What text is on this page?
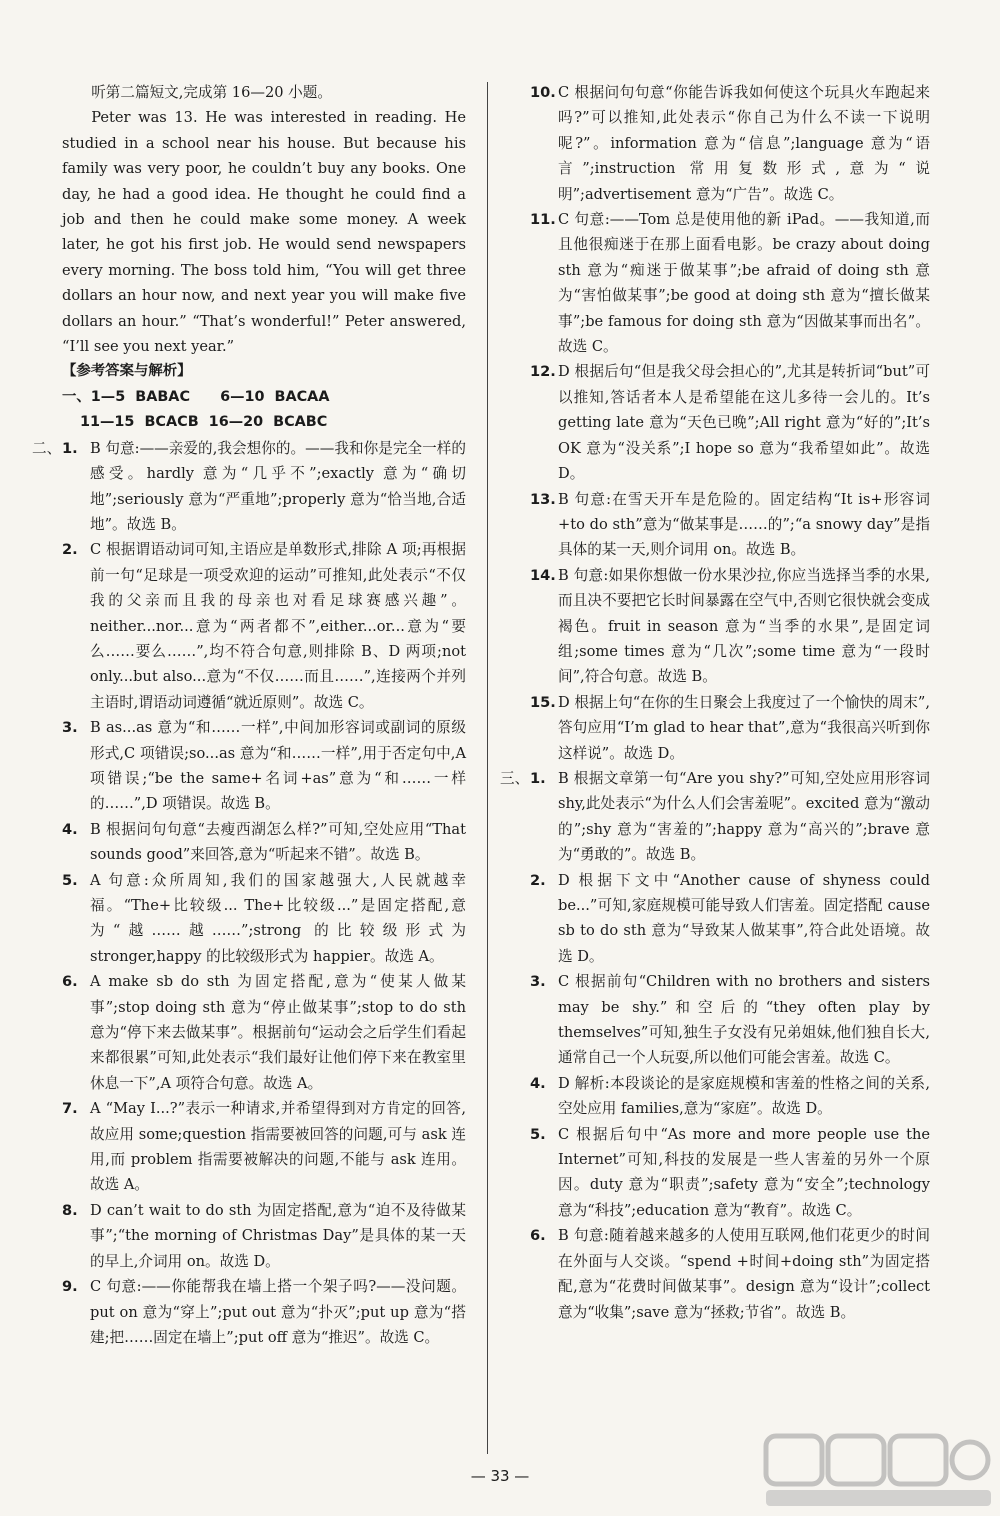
听第二篇短文,完成第 16—20 小题。

Peter was 13. He was interested in reading. He studied in a school near his house. But because his family was very poor, he couldn’t buy any books. One day, he had a good idea. He thought he could find a job and then he could make some money. A week later, he got his first job. He would send newspapers every morning. The boss told him, “You will get three dollars an hour now, and next year you will make five dollars an hour.” “That’s wonderful!” Peter answered, “I’ll see you next year.”

【参考答案与解析】

一、1—5  BABAC      6—10  BACAA

11—15  BCACB  16—20  BCABC

二、 1. B 句意:——亲爱的,我会想你的。——我和你是完全一样的感受。hardly 意为“几乎不”;exactly 意为“确切地”;seriously 意为“严重地”;properly 意为“恰当地,合适地”。故选 B。

2. C 根据谓语动词可知,主语应是单数形式,排除 A 项;再根据前一句“足球是一项受欢迎的运动”可推知,此处表示“不仅我的父亲而且我的母亲也对看足球赛感兴趣”。neither...nor...意为“两者都不”,either...or...意为“要么……要么……”,均不符合句意,则排除 B、D 两项;not only...but also...意为“不仅……而且……”,连接两个并列主语时,谓语动词遵循“就近原则”。故选 C。

3. B as...as 意为“和……一样”,中间加形容词或副词的原级形式,C 项错误;so...as 意为“和……一样”,用于否定句中,A 项错误;“be the same+名词+as”意为“和……一样的……”,D 项错误。故选 B。

4. B 根据问句句意“去瘦西湖怎么样?”可知,空处应用“That sounds good”来回答,意为“听起来不错”。故选 B。

5. A 句意:众所周知,我们的国家越强大,人民就越幸福。“The+比较级... The+比较级...”是固定搭配,意为“越……越……”;strong 的比较级形式为 stronger,happy 的比较级形式为 happier。故选 A。

6. A make sb do sth 为固定搭配,意为“使某人做某事”;stop doing sth 意为“停止做某事”;stop to do sth 意为“停下来去做某事”。根据前句“运动会之后学生们看起来都很累”可知,此处表示“我们最好让他们停下来在教室里休息一下”,A 项符合句意。故选 A。

7. A “May I...?”表示一种请求,并希望得到对方肯定的回答,故应用 some;question 指需要被回答的问题,可与 ask 连用,而 problem 指需要被解决的问题,不能与 ask 连用。故选 A。

8. D can’t wait to do sth 为固定搭配,意为“迫不及待做某事”;“the morning of Christmas Day”是具体的某一天的早上,介词用 on。故选 D。

9. C 句意:——你能帮我在墙上搭一个架子吗?——没问题。put on 意为“穿上”;put out 意为“扑灭”;put up 意为“搭建;把……固定在墙上”;put off 意为“推迟”。故选 C。

10. C 根据问句句意“你能告诉我如何使这个玩具火车跑起来吗?”可以推知,此处表示“你自己为什么不读一下说明呢?”。information 意为“信息”;language 意为“语言”;instruction 常用复数形式,意为“说明”;advertisement 意为“广告”。故选 C。

11. C 句意:——Tom 总是使用他的新 iPad。——我知道,而且他很痴迷于在那上面看电影。be crazy about doing sth 意为“痴迷于做某事”;be afraid of doing sth 意为“害怕做某事”;be good at doing sth 意为“擅长做某事”;be famous for doing sth 意为“因做某事而出名”。故选 C。

12. D 根据后句“但是我父母会担心的”,尤其是转折词“but”可以推知,答话者本人是希望能在这儿多待一会儿的。It’s getting late 意为“天色已晚”;All right 意为“好的”;It’s OK 意为“没关系”;I hope so 意为“我希望如此”。故选 D。

13. B 句意:在雪天开车是危险的。固定结构“It is+形容词+to do sth”意为“做某事是……的”;“a snowy day”是指具体的某一天,则介词用 on。故选 B。

14. B 句意:如果你想做一份水果沙拉,你应当选择当季的水果,而且决不要把它长时间暴露在空气中,否则它很快就会变成褐色。fruit in season 意为“当季的水果”,是固定词组;some times 意为“几次”;some time 意为“一段时间”,符合句意。故选 B。

15. D 根据上句“在你的生日聚会上我度过了一个愉快的周末”,答句应用“I’m glad to hear that”,意为“我很高兴听到你这样说”。故选 D。

三、 1. B 根据文章第一句“Are you shy?”可知,空处应用形容词 shy,此处表示“为什么人们会害羞呢”。excited 意为“激动的”;shy 意为“害羞的”;happy 意为“高兴的”;brave 意为“勇敢的”。故选 B。

2. D 根据下文中“Another cause of shyness could be...”可知,家庭规模可能导致人们害羞。固定搭配 cause sb to do sth 意为“导致某人做某事”,符合此处语境。故选 D。

3. C 根据前句“Children with no brothers and sisters may be shy.”和空后的“they often play by themselves”可知,独生子女没有兄弟姐妹,他们独自长大,通常自己一个人玩耍,所以他们可能会害羞。故选 C。

4. D 解析:本段谈论的是家庭规模和害羞的性格之间的关系,空处应用 families,意为“家庭”。故选 D。

5. C 根据后句中“As more and more people use the Internet”可知,科技的发展是一些人害羞的另外一个原因。duty 意为“职责”;safety 意为“安全”;technology 意为“科技”;education 意为“教育”。故选 C。

6. B 句意:随着越来越多的人使用互联网,他们花更少的时间在外面与人交谈。“spend +时间+doing sth”为固定搭配,意为“花费时间做某事”。design 意为“设计”;collect 意为“收集”;save 意为“拯救;节省”。故选 B。

— 33 —
